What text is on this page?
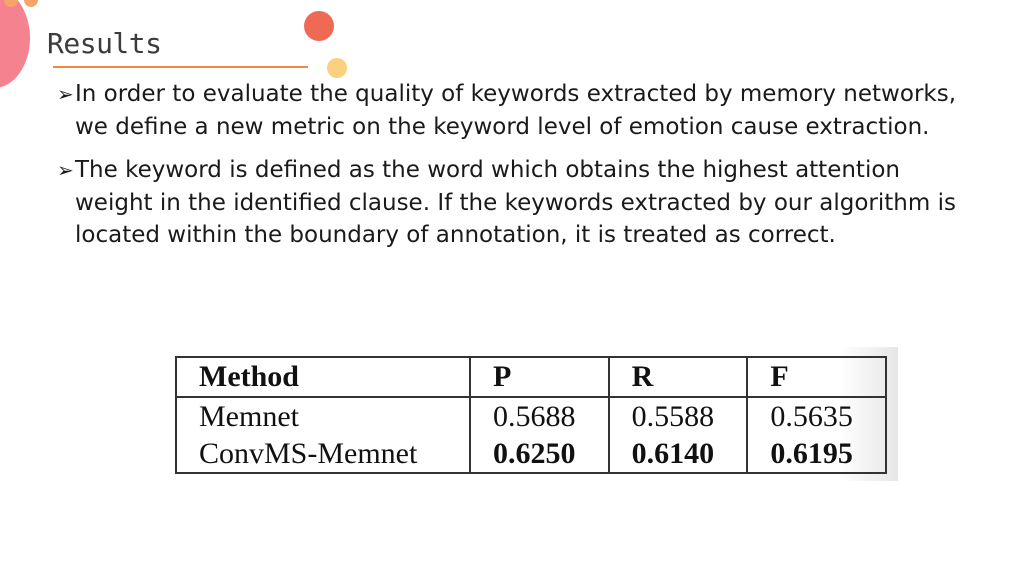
Results
➢ In order to evaluate the quality of keywords extracted by memory networks, we define a new metric on the keyword level of emotion cause extraction.
➢ The keyword is defined as the word which obtains the highest attention weight in the identified clause. If the keywords extracted by our algorithm is located within the boundary of annotation, it is treated as correct.
Method	P	R	F
Memnet	0.5688	0.5588	0.5635
ConvMS-Memnet	0.6250	0.6140	0.6195
